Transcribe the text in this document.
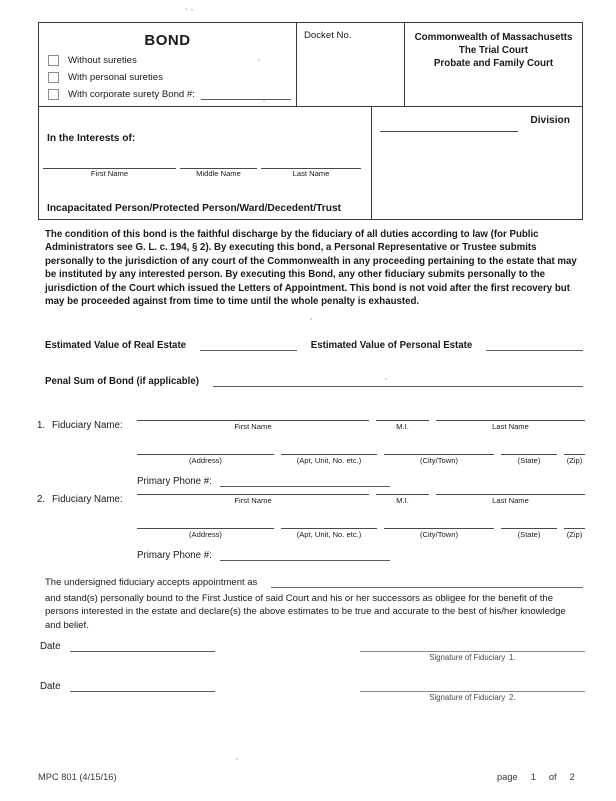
BOND
Without sureties
With personal sureties
With corporate surety Bond #:
Docket No.	Commonwealth of Massachusetts
The Trial Court
Probate and Family Court
In the Interests of:
First Name	Middle Name	Last Name
Incapacitated Person/Protected Person/Ward/Decedent/Trust
Division
The condition of this bond is the faithful discharge by the fiduciary of all duties according to law (for Public Administrators see G. L. c. 194, § 2). By executing this bond, a Personal Representative or Trustee submits personally to the jurisdiction of any court of the Commonwealth in any proceeding pertaining to the estate that may be instituted by any interested person. By executing this Bond, any other fiduciary submits personally to the jurisdiction of the Court which issued the Letters of Appointment. This bond is not void after the first recovery but may be proceeded against from time to time until the whole penalty is exhausted.
Estimated Value of Real Estate	Estimated Value of Personal Estate
Penal Sum of Bond (if applicable)
1. Fiduciary Name:	First Name	M.I.	Last Name
(Address)	(Apt, Unit, No. etc.)	(City/Town)	(State)	(Zip)
Primary Phone #:
2. Fiduciary Name:	First Name	M.I.	Last Name
(Address)	(Apt, Unit, No. etc.)	(City/Town)	(State)	(Zip)
Primary Phone #:
The undersigned fiduciary accepts appointment as
and stand(s) personally bound to the First Justice of said Court and his or her successors as obligee for the benefit of the persons interested in the estate and declare(s) the above estimates to be true and accurate to the best of his/her knowledge and belief.
Date
Signature of Fiduciary 1.
Date
Signature of Fiduciary 2.
MPC 801 (4/15/16)	page 1 of 2
